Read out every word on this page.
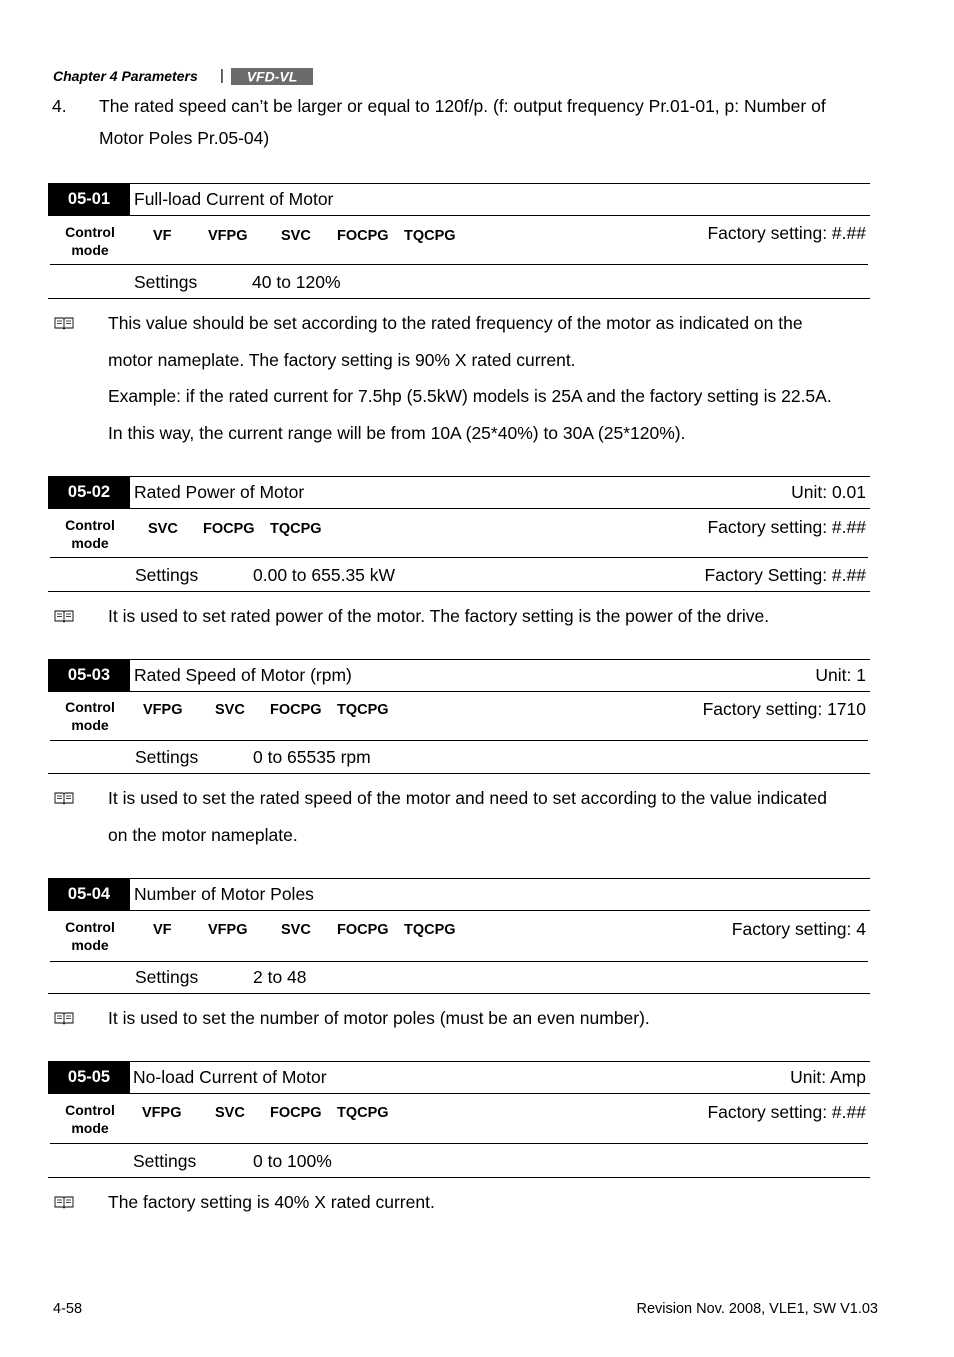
Chapter 4 Parameters | VFD-VL
4. The rated speed can’t be larger or equal to 120f/p. (f: output frequency Pr.01-01, p: Number of
Motor Poles Pr.05-04)
05-01	Full-load Current of Motor
Control
mode
VF	VFPG SVC FOCPG TQCPG	Factory setting: #.##
Settings	40 to 120%
This value should be set according to the rated frequency of the motor as indicated on the
motor nameplate. The factory setting is 90% X rated current.
Example: if the rated current for 7.5hp (5.5kW) models is 25A and the factory setting is 22.5A.
In this way, the current range will be from 10A (25*40%) to 30A (25*120%).
05-02	Rated Power of Motor	Unit: 0.01
Control
mode
SVC FOCPG TQCPG	Factory setting: #.##
Settings	0.00 to 655.35 kW	Factory Setting: #.##
It is used to set rated power of the motor. The factory setting is the power of the drive.
05-03	Rated Speed of Motor (rpm)	Unit: 1
Control
mode
VFPG SVC FOCPG TQCPG	Factory setting: 1710
Settings	0 to 65535 rpm
It is used to set the rated speed of the motor and need to set according to the value indicated
on the motor nameplate.
05-04	Number of Motor Poles
Control
mode
VF	VFPG SVC FOCPG TQCPG	Factory setting: 4
Settings	2 to 48
It is used to set the number of motor poles (must be an even number).
05-05	No-load Current of Motor	Unit: Amp
Control
mode
VFPG SVC FOCPG TQCPG	Factory setting: #.##
Settings	0 to 100%
The factory setting is 40% X rated current.
4-58	Revision Nov. 2008, VLE1, SW V1.03
